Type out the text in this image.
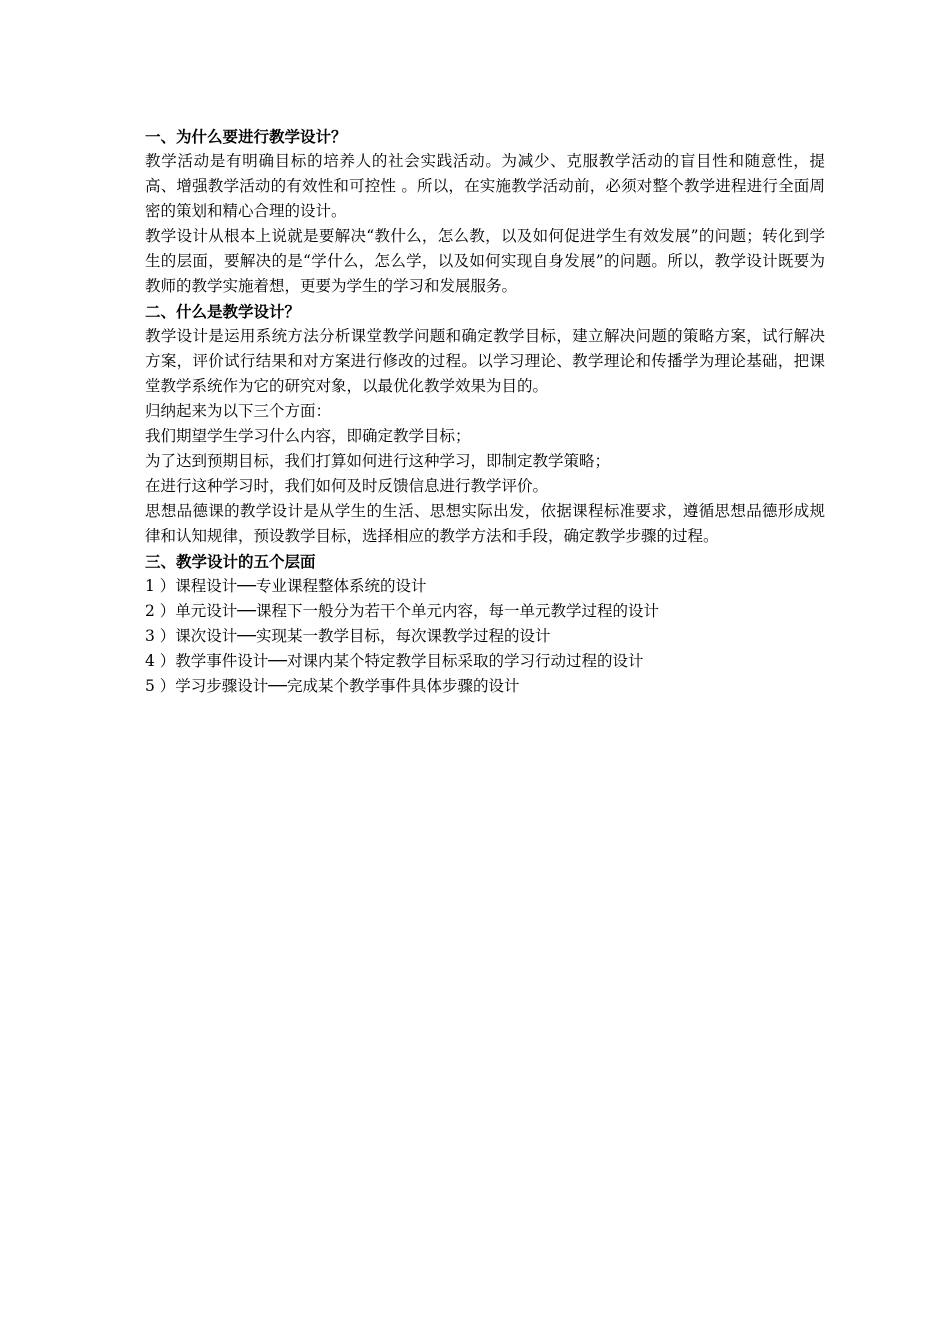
一、为什么要进行教学设计？

教学活动是有明确目标的培养人的社会实践活动。为减少、克服教学活动的盲目性和随意性，提高、增强教学活动的有效性和可控性 。所以，在实施教学活动前，必须对整个教学进程进行全面周密的策划和精心合理的设计。

教学设计从根本上说就是要解决“教什么，怎么教，以及如何促进学生有效发展”的问题；转化到学生的层面，要解决的是“学什么，怎么学，以及如何实现自身发展”的问题。所以，教学设计既要为教师的教学实施着想，更要为学生的学习和发展服务。

二、什么是教学设计？

教学设计是运用系统方法分析课堂教学问题和确定教学目标，建立解决问题的策略方案，试行解决方案，评价试行结果和对方案进行修改的过程。以学习理论、教学理论和传播学为理论基础，把课堂教学系统作为它的研究对象，以最优化教学效果为目的。

归纳起来为以下三个方面：

我们期望学生学习什么内容，即确定教学目标；

为了达到预期目标，我们打算如何进行这种学习，即制定教学策略；

在进行这种学习时，我们如何及时反馈信息进行教学评价。

思想品德课的教学设计是从学生的生活、思想实际出发，依据课程标准要求，遵循思想品德形成规律和认知规律，预设教学目标，选择相应的教学方法和手段，确定教学步骤的过程。

三、教学设计的五个层面

1 ）课程设计──专业课程整体系统的设计

2 ）单元设计──课程下一般分为若干个单元内容，每一单元教学过程的设计

3 ）课次设计──实现某一教学目标，每次课教学过程的设计

4 ）教学事件设计──对课内某个特定教学目标采取的学习行动过程的设计

5 ）学习步骤设计──完成某个教学事件具体步骤的设计
